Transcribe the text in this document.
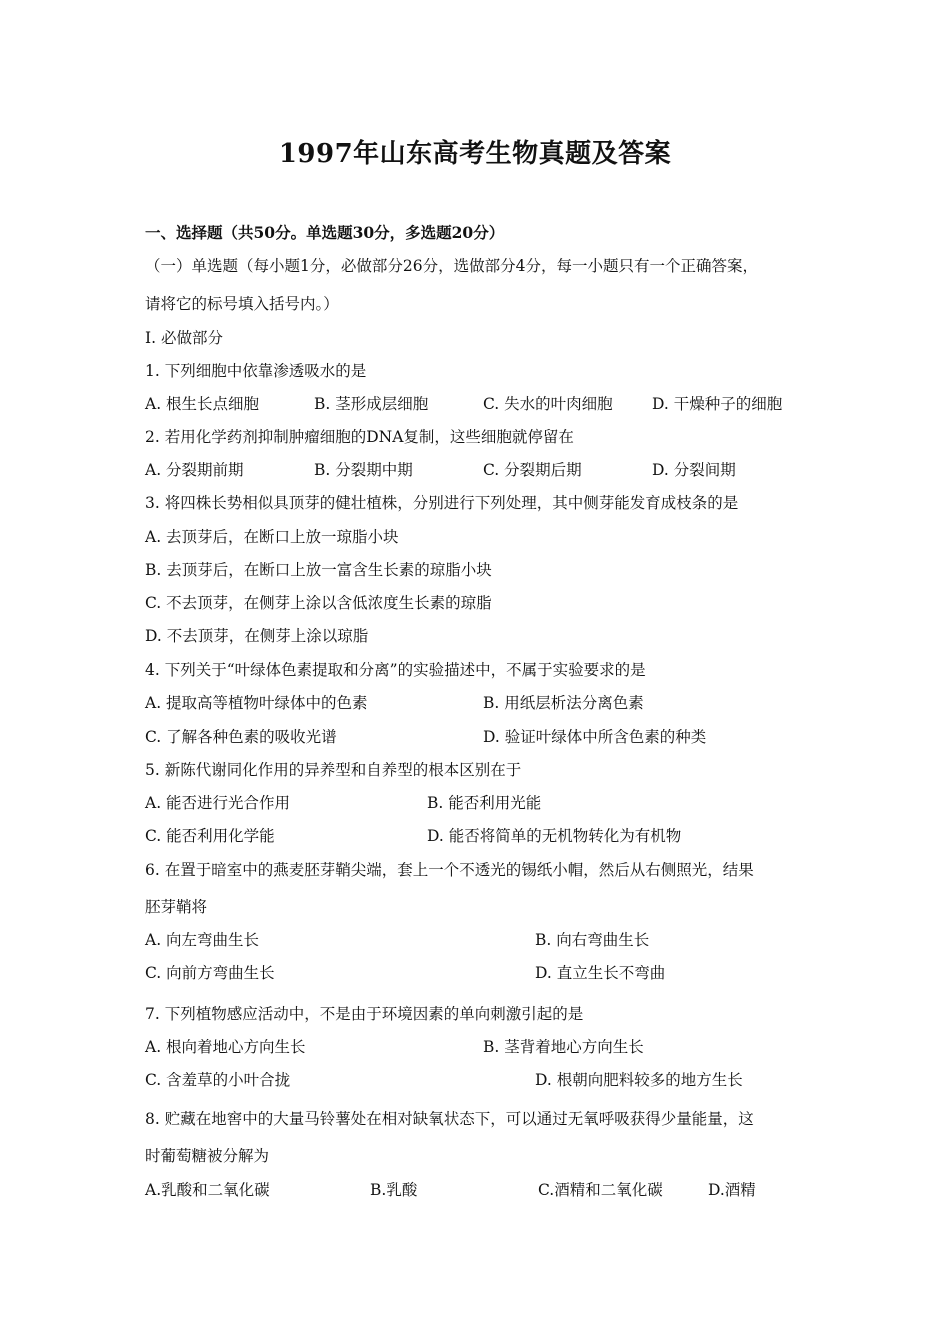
1997年山东高考生物真题及答案
一、选择题（共50分。单选题30分，多选题20分）
（一）单选题（每小题1分，必做部分26分，选做部分4分，每一小题只有一个正确答案，
请将它的标号填入括号内。）
I. 必做部分
1. 下列细胞中依靠渗透吸水的是
A. 根生长点细胞	B. 茎形成层细胞	C. 失水的叶肉细胞	D. 干燥种子的细胞
2. 若用化学药剂抑制肿瘤细胞的DNA复制，这些细胞就停留在
A. 分裂期前期	B. 分裂期中期	C. 分裂期后期	D. 分裂间期
3. 将四株长势相似具顶芽的健壮植株，分别进行下列处理，其中侧芽能发育成枝条的是
A. 去顶芽后，在断口上放一琼脂小块
B. 去顶芽后，在断口上放一富含生长素的琼脂小块
C. 不去顶芽，在侧芽上涂以含低浓度生长素的琼脂
D. 不去顶芽，在侧芽上涂以琼脂
4. 下列关于“叶绿体色素提取和分离”的实验描述中，不属于实验要求的是
A. 提取高等植物叶绿体中的色素	B. 用纸层析法分离色素
C. 了解各种色素的吸收光谱	D. 验证叶绿体中所含色素的种类
5. 新陈代谢同化作用的异养型和自养型的根本区别在于
A. 能否进行光合作用	B. 能否利用光能
C. 能否利用化学能	D. 能否将简单的无机物转化为有机物
6. 在置于暗室中的燕麦胚芽鞘尖端，套上一个不透光的锡纸小帽，然后从右侧照光，结果
胚芽鞘将
A. 向左弯曲生长	B. 向右弯曲生长
C. 向前方弯曲生长	D. 直立生长不弯曲
7. 下列植物感应活动中，不是由于环境因素的单向刺激引起的是
A. 根向着地心方向生长	B. 茎背着地心方向生长
C. 含羞草的小叶合拢	D. 根朝向肥料较多的地方生长
8. 贮藏在地窖中的大量马铃薯处在相对缺氧状态下，可以通过无氧呼吸获得少量能量，这
时葡萄糖被分解为
A.乳酸和二氧化碳	B.乳酸	C.酒精和二氧化碳	D.酒精
